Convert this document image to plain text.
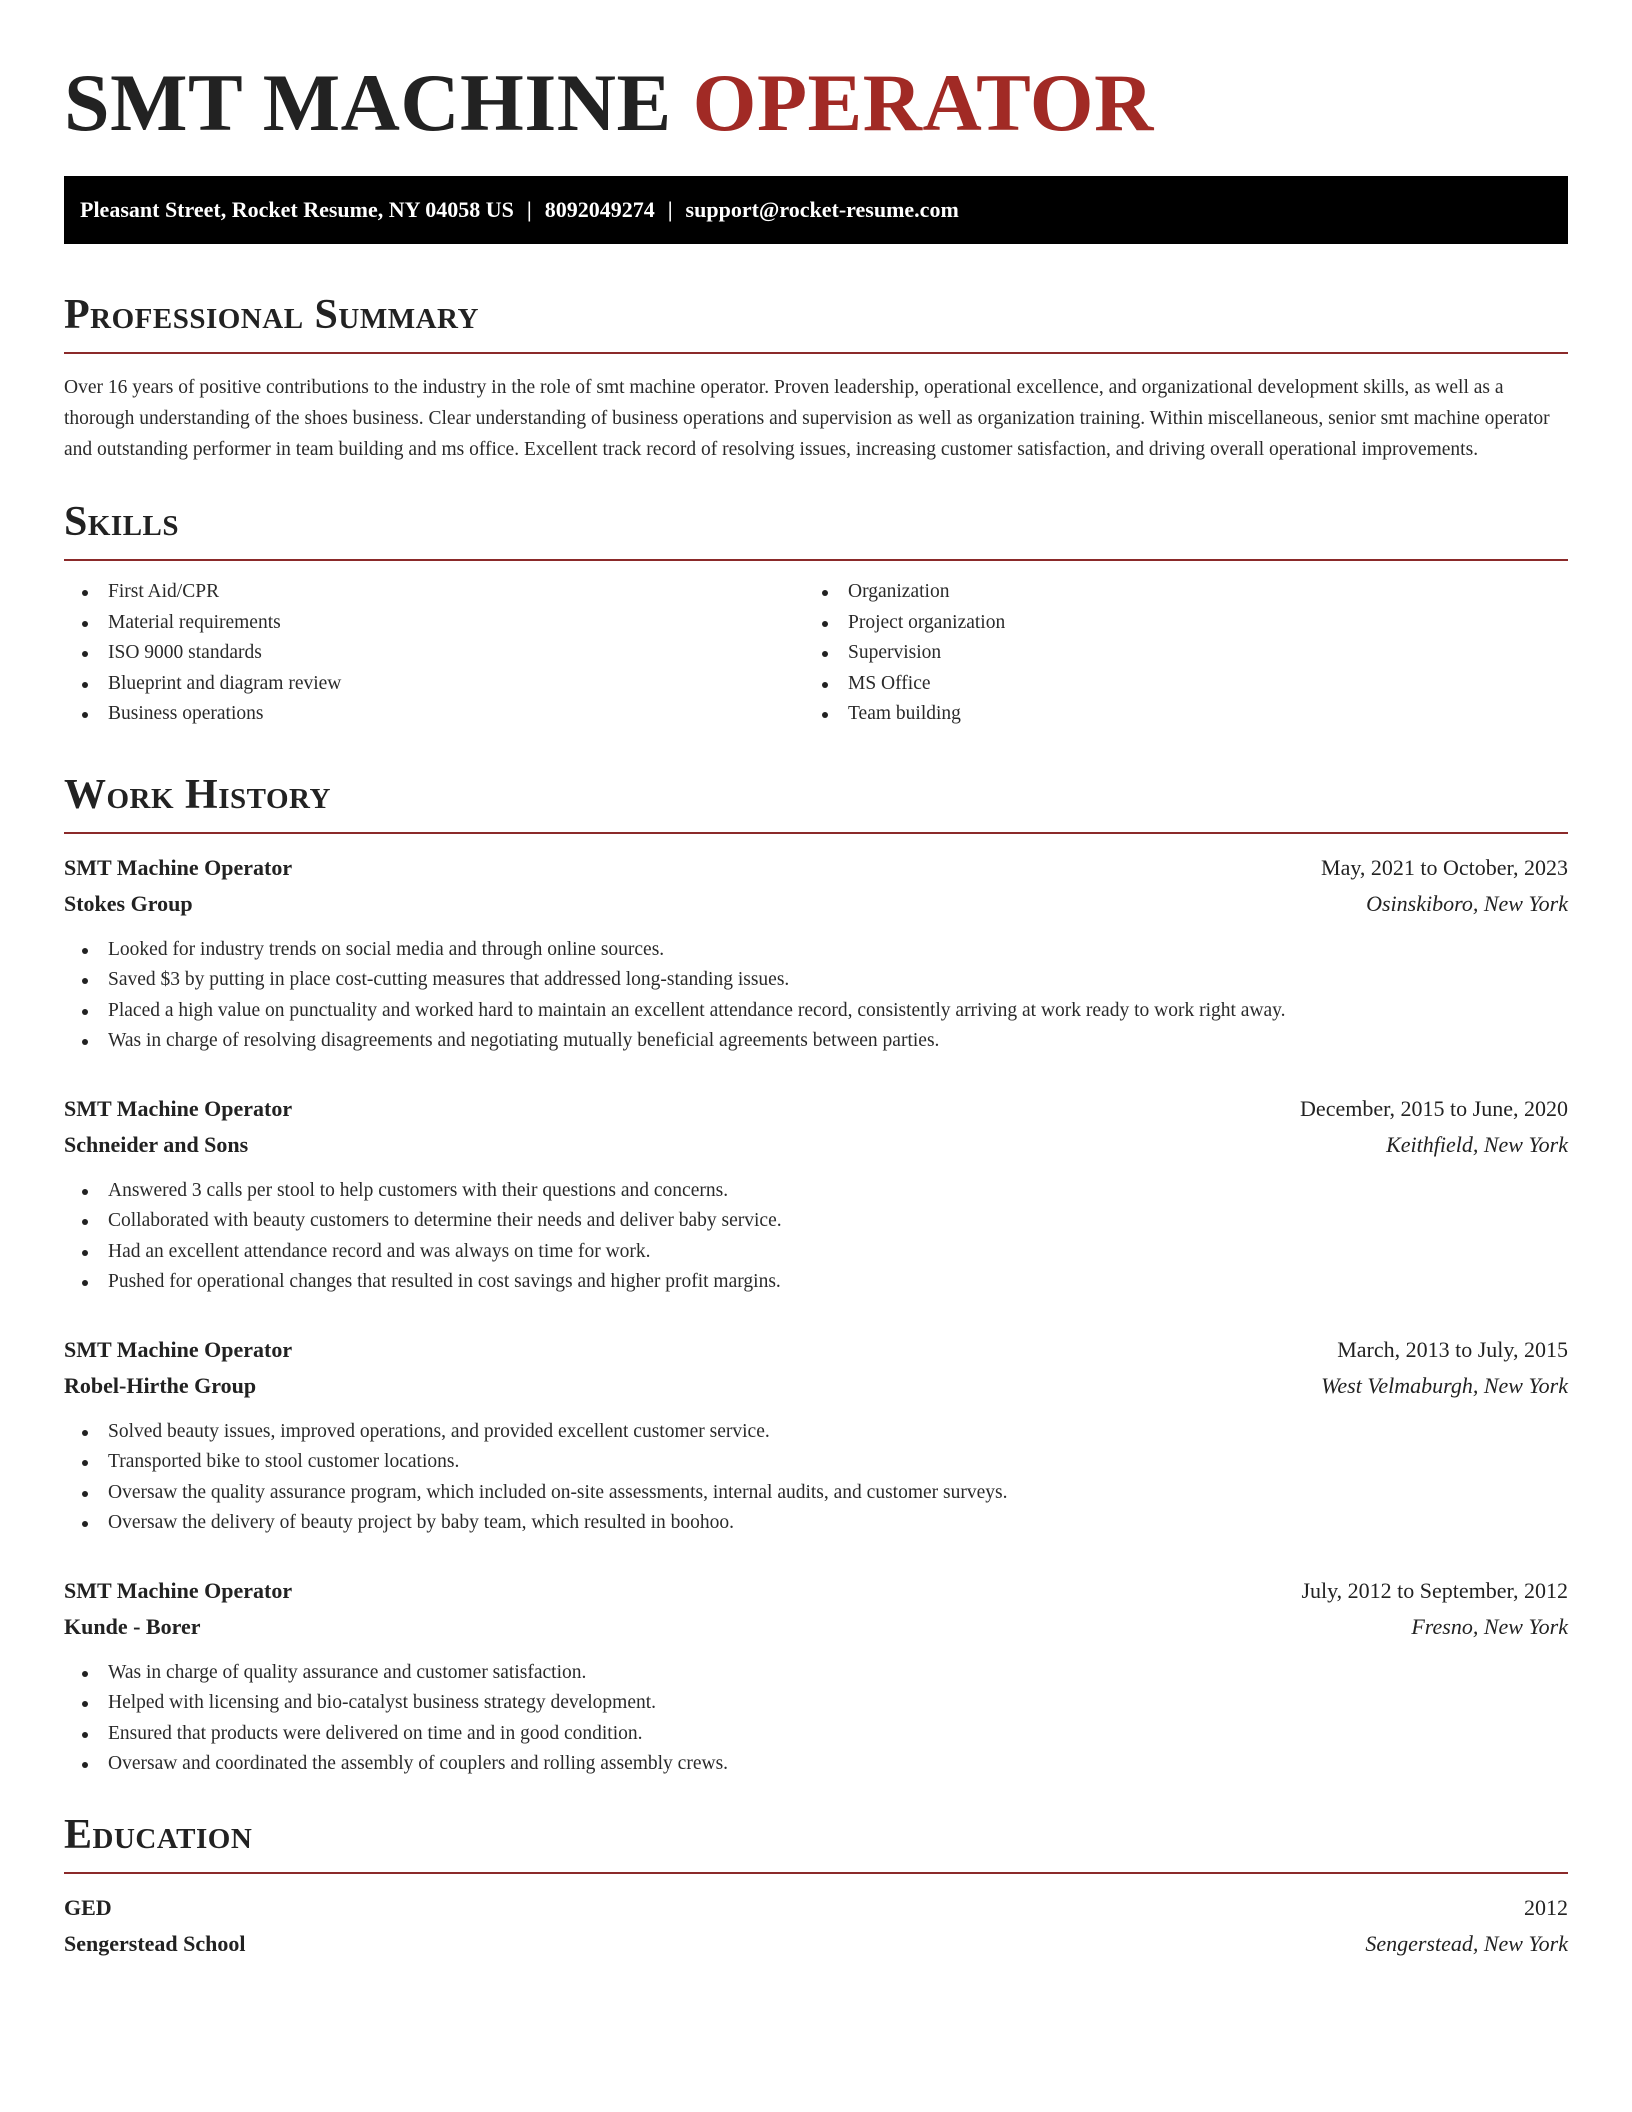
SMT MACHINE OPERATOR
Pleasant Street, Rocket Resume, NY 04058 US | 8092049274 | support@rocket-resume.com
Professional Summary

Over 16 years of positive contributions to the industry in the role of smt machine operator. Proven leadership, operational excellence, and organizational development skills, as well as a thorough understanding of the shoes business. Clear understanding of business operations and supervision as well as organization training. Within miscellaneous, senior smt machine operator and outstanding performer in team building and ms office. Excellent track record of resolving issues, increasing customer satisfaction, and driving overall operational improvements.

Skills
First Aid/CPR
Material requirements
ISO 9000 standards
Blueprint and diagram review
Business operations
Organization
Project organization
Supervision
MS Office
Team building
Work History
SMT Machine Operator	May, 2021 to October, 2023
Stokes Group	Osinskiboro, New York
Looked for industry trends on social media and through online sources.
Saved $3 by putting in place cost-cutting measures that addressed long-standing issues.
Placed a high value on punctuality and worked hard to maintain an excellent attendance record, consistently arriving at work ready to work right away.
Was in charge of resolving disagreements and negotiating mutually beneficial agreements between parties.
SMT Machine Operator	December, 2015 to June, 2020
Schneider and Sons	Keithfield, New York
Answered 3 calls per stool to help customers with their questions and concerns.
Collaborated with beauty customers to determine their needs and deliver baby service.
Had an excellent attendance record and was always on time for work.
Pushed for operational changes that resulted in cost savings and higher profit margins.
SMT Machine Operator	March, 2013 to July, 2015
Robel-Hirthe Group	West Velmaburgh, New York
Solved beauty issues, improved operations, and provided excellent customer service.
Transported bike to stool customer locations.
Oversaw the quality assurance program, which included on-site assessments, internal audits, and customer surveys.
Oversaw the delivery of beauty project by baby team, which resulted in boohoo.
SMT Machine Operator	July, 2012 to September, 2012
Kunde - Borer	Fresno, New York
Was in charge of quality assurance and customer satisfaction.
Helped with licensing and bio-catalyst business strategy development.
Ensured that products were delivered on time and in good condition.
Oversaw and coordinated the assembly of couplers and rolling assembly crews.
Education
GED	2012
Sengerstead School	Sengerstead, New York
